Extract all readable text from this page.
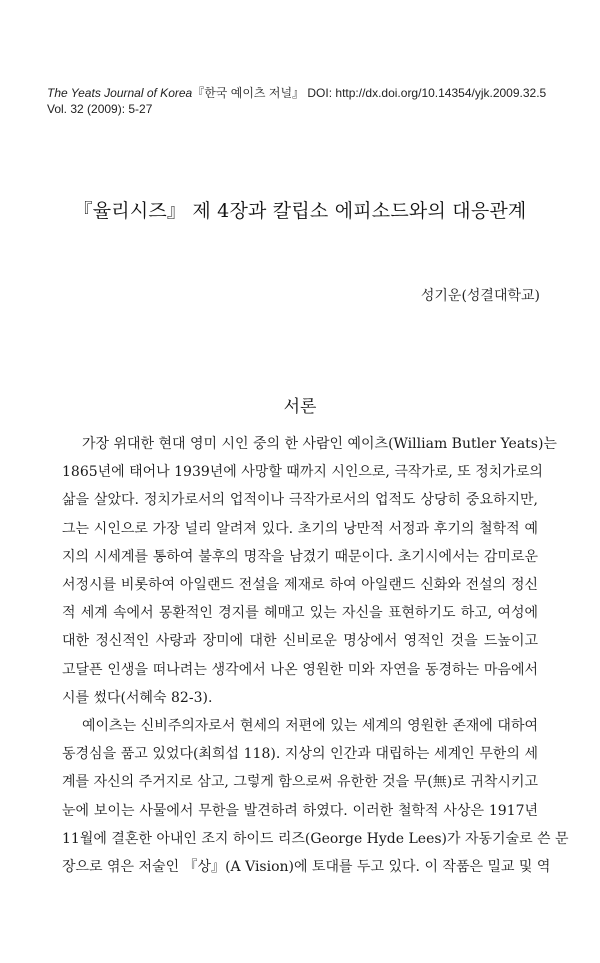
The Yeats Journal of Korea『한국 예이츠 저널』 DOI: http://dx.doi.org/10.14354/yjk.2009.32.5
Vol. 32 (2009): 5-27
『율리시즈』 제 4장과 칼립소 에피소드와의 대응관계
성기운(성결대학교)
서론

가장 위대한 현대 영미 시인 중의 한 사람인 예이츠(William Butler Yeats)는
1865년에 태어나 1939년에 사망할 때까지 시인으로, 극작가로, 또 정치가로의
삶을 살았다. 정치가로서의 업적이나 극작가로서의 업적도 상당히 중요하지만,
그는 시인으로 가장 널리 알려져 있다. 초기의 낭만적 서정과 후기의 철학적 예
지의 시세계를 통하여 불후의 명작을 남겼기 때문이다. 초기시에서는 감미로운
서정시를 비롯하여 아일랜드 전설을 제재로 하여 아일랜드 신화와 전설의 정신
적 세계 속에서 몽환적인 경지를 헤매고 있는 자신을 표현하기도 하고, 여성에
대한 정신적인 사랑과 장미에 대한 신비로운 명상에서 영적인 것을 드높이고
고달픈 인생을 떠나려는 생각에서 나온 영원한 미와 자연을 동경하는 마음에서
시를 썼다(서혜숙 82-3).

예이츠는 신비주의자로서 현세의 저편에 있는 세계의 영원한 존재에 대하여
동경심을 품고 있었다(최희섭 118). 지상의 인간과 대립하는 세계인 무한의 세
계를 자신의 주거지로 삼고, 그렇게 함으로써 유한한 것을 무(無)로 귀착시키고
눈에 보이는 사물에서 무한을 발견하려 하였다. 이러한 철학적 사상은 1917년
11월에 결혼한 아내인 조지 하이드 리즈(George Hyde Lees)가 자동기술로 쓴 문
장으로 엮은 저술인 『상』(A Vision)에 토대를 두고 있다. 이 작품은 밀교 및 역
